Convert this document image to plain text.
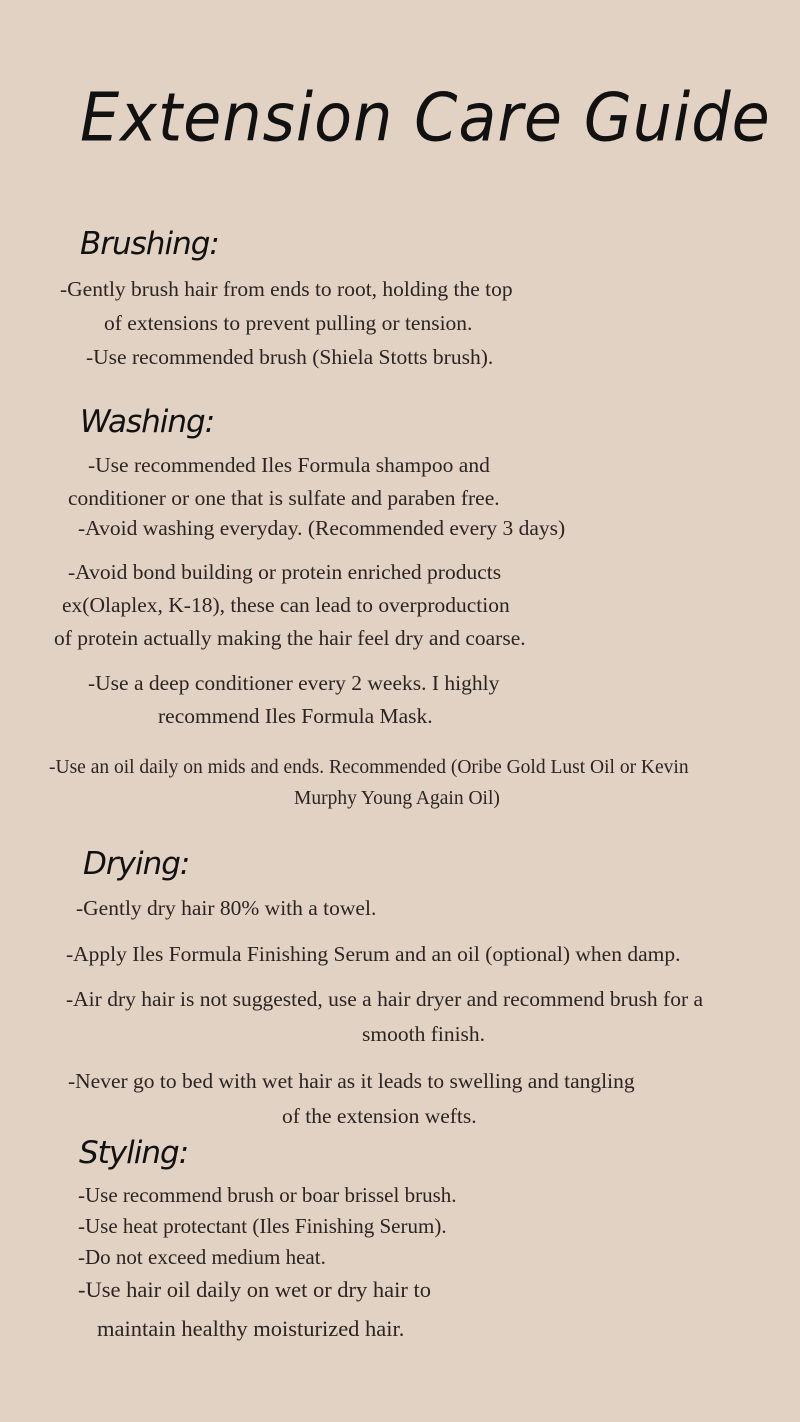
Extension Care Guide
Brushing:

-Gently brush hair from ends to root, holding the top

of extensions to prevent pulling or tension.

-Use recommended brush (Shiela Stotts brush).

Washing:

-Use recommended Iles Formula shampoo and

conditioner or one that is sulfate and paraben free.

-Avoid washing everyday. (Recommended every 3 days)

-Avoid bond building or protein enriched products

ex(Olaplex, K-18), these can lead to overproduction

of protein actually making the hair feel dry and coarse.

-Use a deep conditioner every 2 weeks. I highly

recommend Iles Formula Mask.

-Use an oil daily on mids and ends. Recommended (Oribe Gold Lust Oil or Kevin

Murphy Young Again Oil)

Drying:

-Gently dry hair 80% with a towel.

-Apply Iles Formula Finishing Serum and an oil (optional) when damp.

-Air dry hair is not suggested, use a hair dryer and recommend brush for a

smooth finish.

-Never go to bed with wet hair as it leads to swelling and tangling

of the extension wefts.

Styling:

-Use recommend brush or boar brissel brush.

-Use heat protectant (Iles Finishing Serum).

-Do not exceed medium heat.

-Use hair oil daily on wet or dry hair to

maintain healthy moisturized hair.
